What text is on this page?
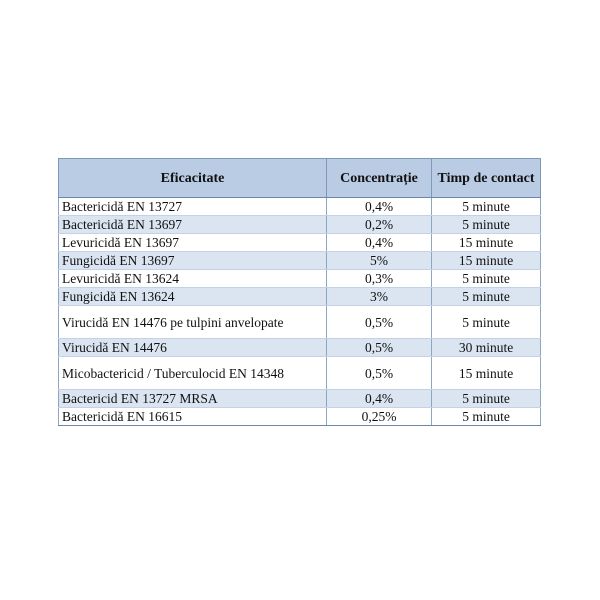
Eficacitate	Concentrație	Timp de contact
Bactericidă EN 13727	0,4%	5 minute
Bactericidă EN 13697	0,2%	5 minute
Levuricidă EN 13697	0,4%	15 minute
Fungicidă EN 13697	5%	15 minute
Levuricidă EN 13624	0,3%	5 minute
Fungicidă EN 13624	3%	5 minute
Virucidă EN 14476 pe tulpini anvelopate	0,5%	5 minute
Virucidă EN 14476	0,5%	30 minute
Micobactericid / Tuberculocid EN 14348	0,5%	15 minute
Bactericid EN 13727 MRSA	0,4%	5 minute
Bactericidă EN 16615	0,25%	5 minute
